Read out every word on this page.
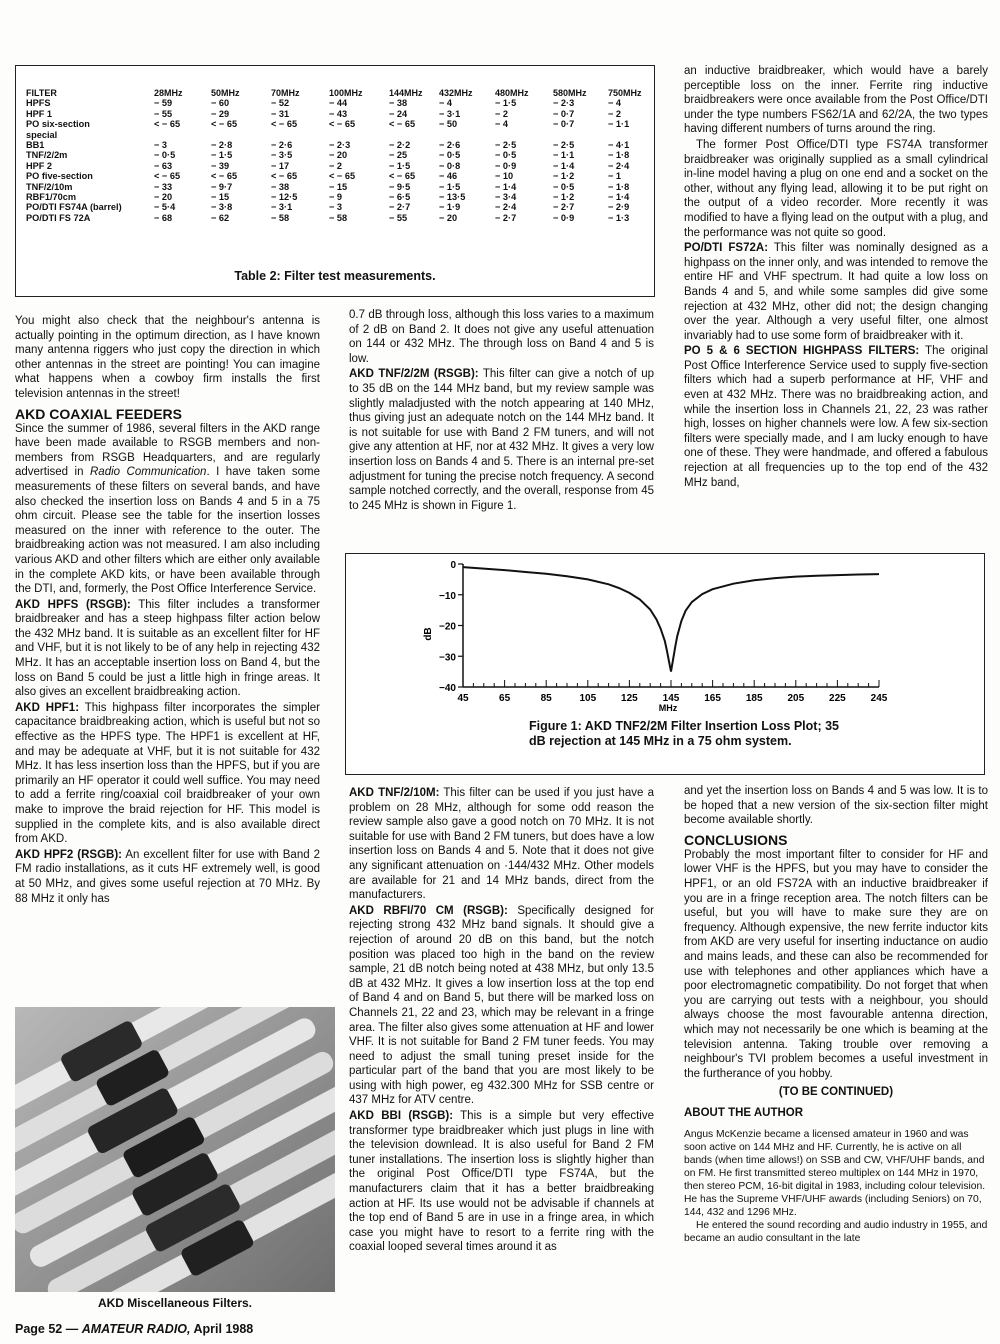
FILTER	28MHz	50MHz	70MHz	100MHz	144MHz	432MHz	480MHz	580MHz	750MHz
HPFS	− 59	− 60	− 52	− 44	− 38	− 4	− 1·5	− 2·3	− 4
HPF 1	− 55	− 29	− 31	− 43	− 24	− 3·1	− 2	− 0·7	− 2
PO six-section	< − 65	< − 65	< − 65	< − 65	< − 65	− 50	− 4	− 0·7	− 1·1
special									
BB1	− 3	− 2·8	− 2·6	− 2·3	− 2·2	− 2·6	− 2·5	− 2·5	− 4·1
TNF/2/2m	− 0·5	− 1·5	− 3·5	− 20	− 25	− 0·5	− 0·5	− 1·1	− 1·8
HPF 2	− 63	− 39	− 17	− 2	− 1·5	− 0·8	− 0·9	− 1·4	− 2·4
PO five-section	< − 65	< − 65	< − 65	< − 65	< − 65	− 46	− 10	− 1·2	− 1
TNF/2/10m	− 33	− 9·7	− 38	− 15	− 9·5	− 1·5	− 1·4	− 0·5	− 1·8
RBF1/70cm	− 20	− 15	− 12·5	− 9	− 6·5	− 13·5	− 3·4	− 1·2	− 1·4
PO/DTI FS74A (barrel)	− 5·4	− 3·8	− 3·1	− 3	− 2·7	− 1·9	− 2·4	− 2·7	− 2·9
PO/DTI FS 72A	− 68	− 62	− 58	− 58	− 55	− 20	− 2·7	− 0·9	− 1·3
Table 2: Filter test measurements.

You might also check that the neighbour's antenna is actually pointing in the optimum direction, as I have known many antenna riggers who just copy the direction in which other antennas in the street are pointing! You can imagine what happens when a cowboy firm installs the first television antennas in the street!

AKD COAXIAL FEEDERS

Since the summer of 1986, several filters in the AKD range have been made available to RSGB members and non-members from RSGB Headquarters, and are regularly advertised in Radio Communication. I have taken some measurements of these filters on several bands, and have also checked the insertion loss on Bands 4 and 5 in a 75 ohm circuit. Please see the table for the insertion losses measured on the inner with reference to the outer. The braidbreaking action was not measured. I am also including various AKD and other filters which are either only available in the complete AKD kits, or have been available through the DTI, and, formerly, the Post Office Interference Service.

AKD HPFS (RSGB): This filter includes a transformer braidbreaker and has a steep highpass filter action below the 432 MHz band. It is suitable as an excellent filter for HF and VHF, but it is not likely to be of any help in rejecting 432 MHz. It has an acceptable insertion loss on Band 4, but the loss on Band 5 could be just a little high in fringe areas. It also gives an excellent braidbreaking action.

AKD HPF1: This highpass filter incorporates the simpler capacitance braidbreaking action, which is useful but not so effective as the HPFS type. The HPF1 is excellent at HF, and may be adequate at VHF, but it is not suitable for 432 MHz. It has less insertion loss than the HPFS, but if you are primarily an HF operator it could well suffice. You may need to add a ferrite ring/coaxial coil braidbreaker of your own make to improve the braid rejection for HF. This model is supplied in the complete kits, and is also available direct from AKD.

AKD HPF2 (RSGB): An excellent filter for use with Band 2 FM radio installations, as it cuts HF extremely well, is good at 50 MHz, and gives some useful rejection at 70 MHz. By 88 MHz it only has

0.7 dB through loss, although this loss varies to a maximum of 2 dB on Band 2. It does not give any useful attenuation on 144 or 432 MHz. The through loss on Band 4 and 5 is low.

AKD TNF/2/2M (RSGB): This filter can give a notch of up to 35 dB on the 144 MHz band, but my review sample was slightly maladjusted with the notch appearing at 140 MHz, thus giving just an adequate notch on the 144 MHz band. It is not suitable for use with Band 2 FM tuners, and will not give any attention at HF, nor at 432 MHz. It gives a very low insertion loss on Bands 4 and 5. There is an internal pre-set adjustment for tuning the precise notch frequency. A second sample notched correctly, and the overall, response from 45 to 245 MHz is shown in Figure 1.

an inductive braidbreaker, which would have a barely perceptible loss on the inner. Ferrite ring inductive braidbreakers were once available from the Post Office/DTI under the type numbers FS62/1A and 62/2A, the two types having different numbers of turns around the ring.

The former Post Office/DTI type FS74A transformer braidbreaker was originally supplied as a small cylindrical in-line model having a plug on one end and a socket on the other, without any flying lead, allowing it to be put right on the output of a video recorder. More recently it was modified to have a flying lead on the output with a plug, and the performance was not quite so good.

PO/DTI FS72A: This filter was nominally designed as a highpass on the inner only, and was intended to remove the entire HF and VHF spectrum. It had quite a low loss on Bands 4 and 5, and while some samples did give some rejection at 432 MHz, other did not; the design changing over the year. Although a very useful filter, one almost invariably had to use some form of braidbreaker with it.

PO 5 & 6 SECTION HIGHPASS FILTERS: The original Post Office Interference Service used to supply five-section filters which had a superb performance at HF, VHF and even at 432 MHz. There was no braidbreaking action, and while the insertion loss in Channels 21, 22, 23 was rather high, losses on higher channels were low. A few six-section filters were specially made, and I am lucky enough to have one of these. They were handmade, and offered a fabulous rejection at all frequencies up to the top end of the 432 MHz band,

0
−10
−20
−30
−40
45	65	85	105 125 145 165 185 205 225 245
dB
MHz
Figure 1: AKD TNF2/2M Filter Insertion Loss Plot; 35 dB rejection at 145 MHz in a 75 ohm system.

AKD TNF/2/10M: This filter can be used if you just have a problem on 28 MHz, although for some odd reason the review sample also gave a good notch on 70 MHz. It is not suitable for use with Band 2 FM tuners, but does have a low insertion loss on Bands 4 and 5. Note that it does not give any significant attenuation on ·144/432 MHz. Other models are available for 21 and 14 MHz bands, direct from the manufacturers.

AKD RBFI/70 CM (RSGB): Specifically designed for rejecting strong 432 MHz band signals. It should give a rejection of around 20 dB on this band, but the notch position was placed too high in the band on the review sample, 21 dB notch being noted at 438 MHz, but only 13.5 dB at 432 MHz. It gives a low insertion loss at the top end of Band 4 and on Band 5, but there will be marked loss on Channels 21, 22 and 23, which may be relevant in a fringe area. The filter also gives some attenuation at HF and lower VHF. It is not suitable for Band 2 FM tuner feeds. You may need to adjust the small tuning preset inside for the particular part of the band that you are most likely to be using with high power, eg 432.300 MHz for SSB centre or 437 MHz for ATV centre.

AKD BBI (RSGB): This is a simple but very effective transformer type braidbreaker which just plugs in line with the television downlead. It is also useful for Band 2 FM tuner installations. The insertion loss is slightly higher than the original Post Office/DTI type FS74A, but the manufacturers claim that it has a better braidbreaking action at HF. Its use would not be advisable if channels at the top end of Band 5 are in use in a fringe area, in which case you might have to resort to a ferrite ring with the coaxial looped several times around it as

and yet the insertion loss on Bands 4 and 5 was low. It is to be hoped that a new version of the six-section filter might become available shortly.

CONCLUSIONS

Probably the most important filter to consider for HF and lower VHF is the HPFS, but you may have to consider the HPF1, or an old FS72A with an inductive braidbreaker if you are in a fringe reception area. The notch filters can be useful, but you will have to make sure they are on frequency. Although expensive, the new ferrite inductor kits from AKD are very useful for inserting inductance on audio and mains leads, and these can also be recommended for use with telephones and other appliances which have a poor electromagnetic compatibility. Do not forget that when you are carrying out tests with a neighbour, you should always choose the most favourable antenna direction, which may not necessarily be one which is beaming at the television antenna. Taking trouble over removing a neighbour's TVI problem becomes a useful investment in the furtherance of you hobby.

(TO BE CONTINUED)
ABOUT THE AUTHOR

Angus McKenzie became a licensed amateur in 1960 and was soon active on 144 MHz and HF. Currently, he is active on all bands (when time allows!) on SSB and CW, VHF/UHF bands, and on FM. He first transmitted stereo multiplex on 144 MHz in 1970, then stereo PCM, 16-bit digital in 1983, including colour television. He has the Supreme VHF/UHF awards (including Seniors) on 70, 144, 432 and 1296 MHz.

He entered the sound recording and audio industry in 1955, and became an audio consultant in the late

AKD Miscellaneous Filters.
Page 52 — AMATEUR RADIO, April 1988
